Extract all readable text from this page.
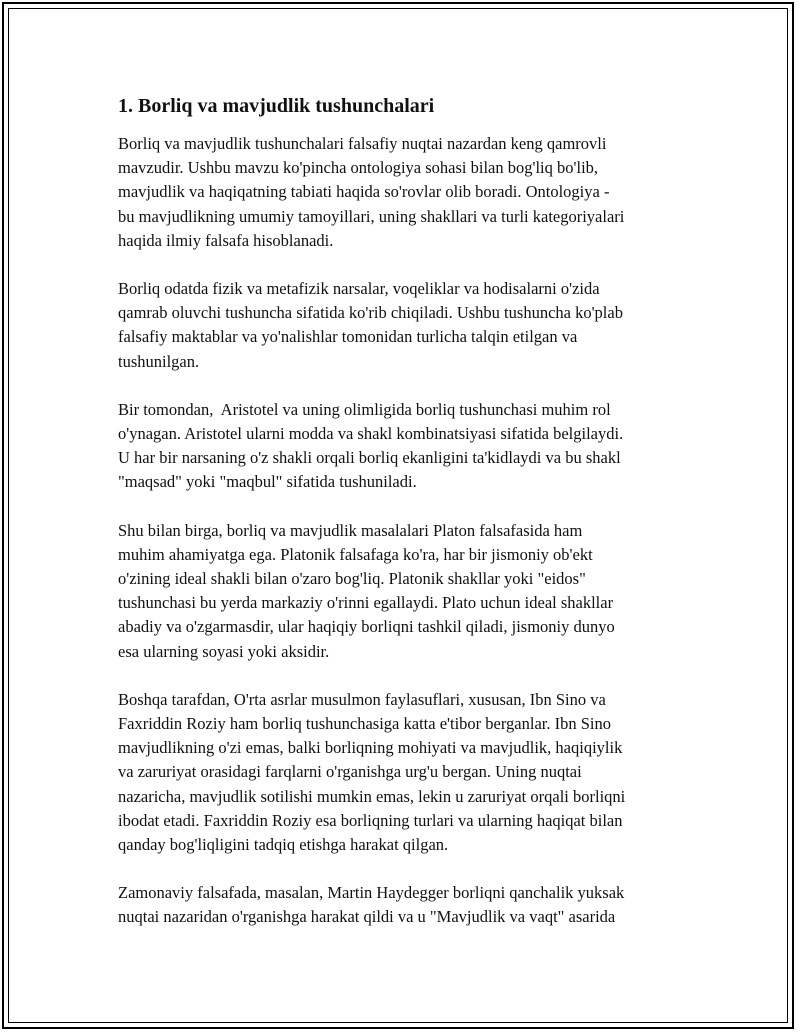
1. Borliq va mavjudlik tushunchalari
Borliq va mavjudlik tushunchalari falsafiy nuqtai nazardan keng qamrovli
mavzudir. Ushbu mavzu ko'pincha ontologiya sohasi bilan bog'liq bo'lib,
mavjudlik va haqiqatning tabiati haqida so'rovlar olib boradi. Ontologiya -
bu mavjudlikning umumiy tamoyillari, uning shakllari va turli kategoriyalari
haqida ilmiy falsafa hisoblanadi.
Borliq odatda fizik va metafizik narsalar, voqeliklar va hodisalarni o'zida
qamrab oluvchi tushuncha sifatida ko'rib chiqiladi. Ushbu tushuncha ko'plab
falsafiy maktablar va yo'nalishlar tomonidan turlicha talqin etilgan va
tushunilgan.
Bir tomondan,  Aristotel va uning olimligida borliq tushunchasi muhim rol
o'ynagan. Aristotel ularni modda va shakl kombinatsiyasi sifatida belgilaydi.
U har bir narsaning o'z shakli orqali borliq ekanligini ta'kidlaydi va bu shakl
"maqsad" yoki "maqbul" sifatida tushuniladi.
Shu bilan birga, borliq va mavjudlik masalalari Platon falsafasida ham
muhim ahamiyatga ega. Platonik falsafaga ko'ra, har bir jismoniy ob'ekt
o'zining ideal shakli bilan o'zaro bog'liq. Platonik shakllar yoki "eidos"
tushunchasi bu yerda markaziy o'rinni egallaydi. Plato uchun ideal shakllar
abadiy va o'zgarmasdir, ular haqiqiy borliqni tashkil qiladi, jismoniy dunyo
esa ularning soyasi yoki aksidir.
Boshqa tarafdan, O'rta asrlar musulmon faylasuflari, xususan, Ibn Sino va
Faxriddin Roziy ham borliq tushunchasiga katta e'tibor berganlar. Ibn Sino
mavjudlikning o'zi emas, balki borliqning mohiyati va mavjudlik, haqiqiylik
va zaruriyat orasidagi farqlarni o'rganishga urg'u bergan. Uning nuqtai
nazaricha, mavjudlik sotilishi mumkin emas, lekin u zaruriyat orqali borliqni
ibodat etadi. Faxriddin Roziy esa borliqning turlari va ularning haqiqat bilan
qanday bog'liqligini tadqiq etishga harakat qilgan.
Zamonaviy falsafada, masalan, Martin Haydegger borliqni qanchalik yuksak
nuqtai nazaridan o'rganishga harakat qildi va u "Mavjudlik va vaqt" asarida
